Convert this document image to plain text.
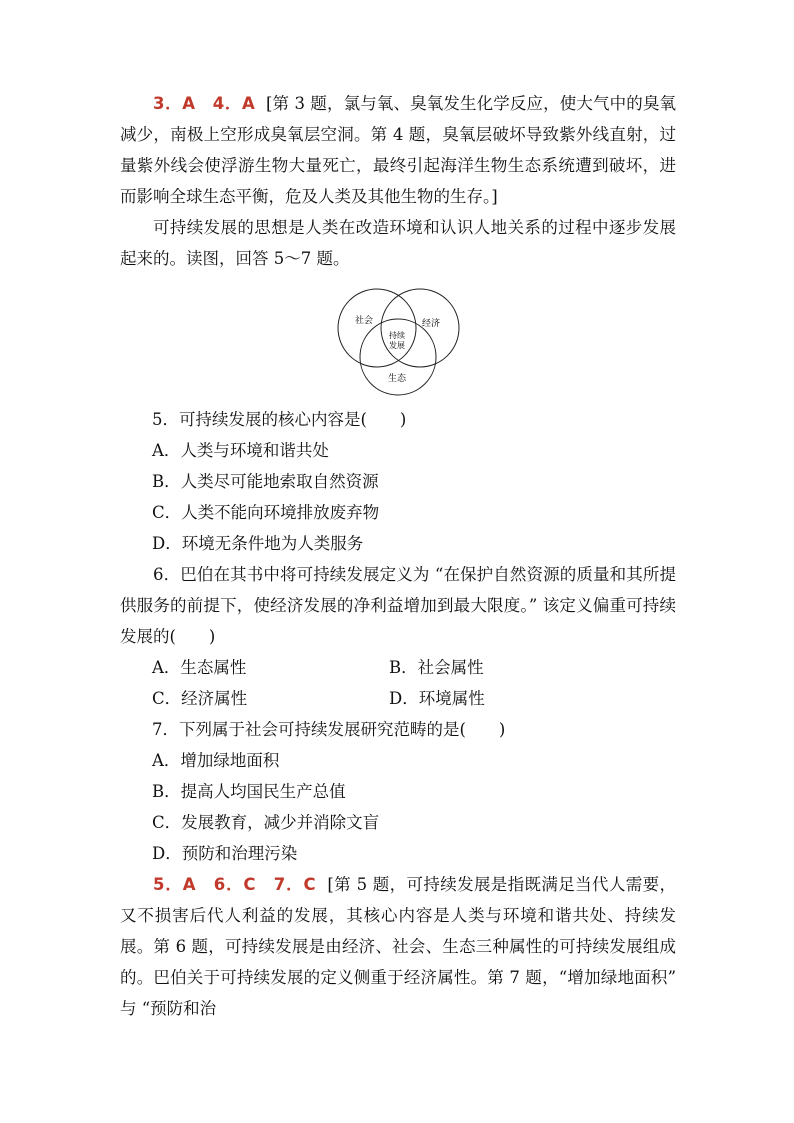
3．A　4．A [第 3 题，氯与氧、臭氧发生化学反应，使大气中的臭氧减少，南极上空形成臭氧层空洞。第 4 题，臭氧层破坏导致紫外线直射，过量紫外线会使浮游生物大量死亡，最终引起海洋生物生态系统遭到破坏，进而影响全球生态平衡，危及人类及其他生物的生存。]

可持续发展的思想是人类在改造环境和认识人地关系的过程中逐步发展起来的。读图，回答 5～7 题。

社会	经济
生态
持续
发展

5．可持续发展的核心内容是(　　)

A．人类与环境和谐共处

B．人类尽可能地索取自然资源

C．人类不能向环境排放废弃物

D．环境无条件地为人类服务

6．巴伯在其书中将可持续发展定义为 “在保护自然资源的质量和其所提供服务的前提下，使经济发展的净利益增加到最大限度。” 该定义偏重可持续发展的(　　)

A．生态属性	B．社会属性
C．经济属性	D．环境属性

7．下列属于社会可持续发展研究范畴的是(　　)

A．增加绿地面积

B．提高人均国民生产总值

C．发展教育，减少并消除文盲

D．预防和治理污染

5．A　6．C　7．C [第 5 题，可持续发展是指既满足当代人需要，又不损害后代人利益的发展，其核心内容是人类与环境和谐共处、持续发展。第 6 题，可持续发展是由经济、社会、生态三种属性的可持续发展组成的。巴伯关于可持续发展的定义侧重于经济属性。第 7 题，“增加绿地面积” 与 “预防和治
